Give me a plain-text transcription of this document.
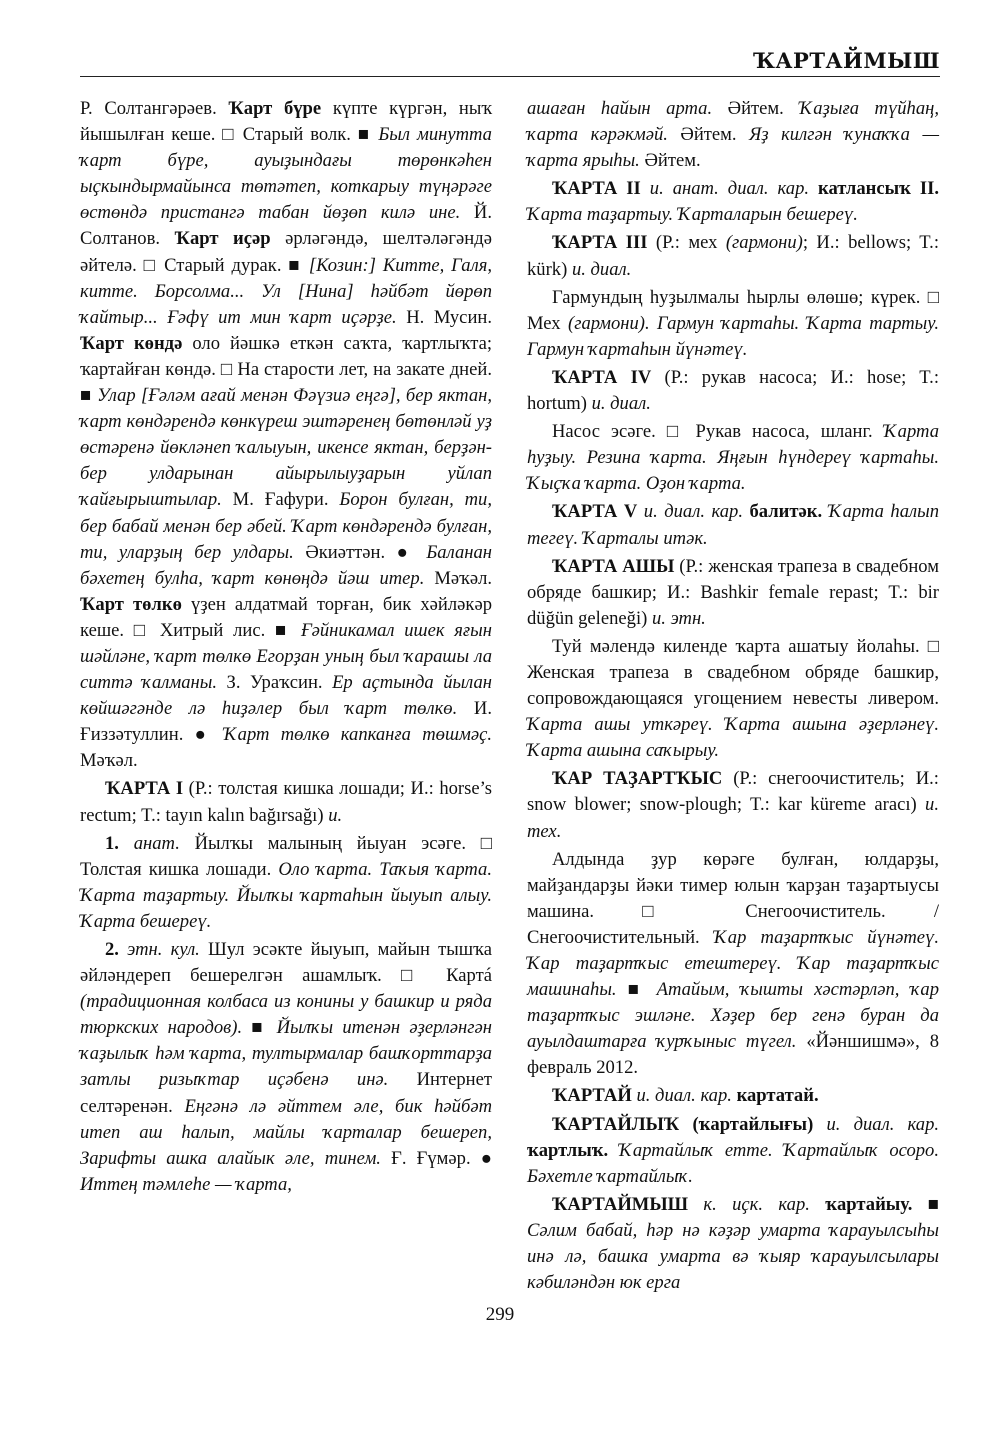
ҠАРТАЙМЫШ

Р. Солтангәрәев. Ҡарт бүре күпте күргән, ныҡ йышылған кеше. □ Старый волк. ■ Был минутта ҡарт бүре, ауыҙындағы төрөнкәһен ыҫкындырмайынса төтәтеп, коткарыу түңәрәге өстөндә пристангә табан йөҙөп килә ине. Й. Солтанов. Ҡарт иҫәр әрләгәндә, шелтәләгәндә әйтелә. □ Старый дурак. ■ [Козин:] Китте, Галя, китте. Борсолма... Ул [Нина] һәйбәт йөрөп ҡайтыр... Ғәфү ит мин ҡарт иҫәрҙе. Н. Мусин. Ҡарт көндә оло йәшкә еткән саҡта, ҡартлыҡта; ҡартайған көндә. □ На старости лет, на закате дней. ■ Улар [Ғәләм ағай менән Фәүзиә еңгә], бер яктан, ҡарт көндәрендә көнкүреш эштәренең бөтөнләй уҙ өстәренә йөкләнеп ҡалыуын, икенсе яктан, берҙән-бер улдарынан айырылыуҙарын уйлап ҡайғырыштылар. М. Ғафури. Борон булған, ти, бер бабай менән бер әбей. Ҡарт көндәрендә булған, ти, уларҙың бер улдары. Әкиәттән. ● Баланан бәхетең булһа, ҡарт көнөңдә йәш итер. Мәҡәл. Ҡарт төлкө үҙен алдатмай торған, бик хәйләкәр кеше. □ Хитрый лис. ■ Ғәйникамал ишек яғын шәйләне, ҡарт төлкө Егорҙан уның был ҡарашы ла ситтә ҡалманы. З. Ураҡсин. Ер аҫтында йылан көйшәгәнде лә һиҙәлер был ҡарт төлкө. И. Ғиззәтуллин. ● Ҡарт төлкө капканға төшмәҫ. Мәҡәл.

ҠАРТА I (Р.: толстая кишка лошади; И.: horse’s rectum; T.: tayın kalın bağırsağı) и.

1. анат. Йылҡы малының йыуан эсәге. □ Толстая кишка лошади. Оло ҡарта. Таҡыя ҡарта. Ҡарта таҙартыу. Йылҡы ҡартаһын йыуып алыу. Ҡарта бешереү.

2. этн. кул. Шул эсәкте йыуып, майын тышҡа әйләндереп бешерелгән ашамлыҡ. □ Картá (традиционная колбаса из конины у башкир и ряда тюркских народов). ■ Йылҡы итенән әҙерләнгән ҡаҙылыҡ һәм ҡарта, тултырмалар башҡорттарҙа затлы ризыҡтар иҫәбенә инә. Интернет селтәренән. Еңгәнә лә әйттем әле, бик һәйбәт итеп аш һалып, майлы ҡарталар бешереп, Зарифты ашка алайык әле, тинем. Ғ. Ғүмәр. ● Иттең тәмлеһе — ҡарта,

ашаған һайын арта. Әйтем. Ҡаҙыға түйһаң, ҡарта кәрәкмәй. Әйтем. Яҙ килгән ҡунаҡҡа — ҡарта ярыһы. Әйтем.

ҠАРТА II и. анат. диал. кар. катлансыҡ II. Ҡарта таҙартыу. Ҡарталарын бешереү.

ҠАРТА III (Р.: мех (гармони); И.: bellows; T.: kürk) и. диал.

Гармундың һуҙылмалы һырлы өлөшө; күрек. □ Мех (гармони). Гармун ҡартаһы. Ҡарта тартыу. Гармун ҡартаһын йүнәтеү.

ҠАРТА IV (Р.: рукав насоса; И.: hose; T.: hortum) и. диал.

Насос эсәге. □ Рукав насоса, шланг. Ҡарта һуҙыу. Резина ҡарта. Яңғын һүндереү ҡартаһы. Ҡыҫҡа ҡарта. Оҙон ҡарта.

ҠАРТА V и. диал. кар. балитәк. Ҡарта һалып тегеү. Ҡарталы итәк.

ҠАРТА АШЫ (Р.: женская трапеза в свадебном обряде башкир; И.: Bashkir female repast; T.: bir düğün geleneği) и. этн.

Туй мәлендә киленде ҡарта ашатыу йолаһы. □ Женская трапеза в свадебном обряде башкир, сопровождающаяся угощением невесты ливером. Ҡарта ашы уткәреү. Ҡарта ашына әҙерләнеү. Ҡарта ашына саҡырыу.

ҠАР ТАҘАРТҠЫС (Р.: снегоочиститель; И.: snow blower; snow-plough; T.: kar küreme aracı) и. тех.

Алдында ҙур көрәге булған, юлдарҙы, майҙандарҙы йәки тимер юлын ҡарҙан таҙартыусы машина. □ Снегоочиститель. / Снегоочистительный. Ҡар таҙартҡыс йүнәтеү. Ҡар таҙартҡыс етештереү. Ҡар таҙартҡыс машинаһы. ■ Атайым, ҡышты хәстәрләп, ҡар таҙартҡыс эшләне. Хәҙер бер генә буран да ауылдаштарға ҡурҡыныс түгел. «Йәншишмә», 8 февраль 2012.

ҠАРТАЙ и. диал. кар. картатай.

ҠАРТАЙЛЫҠ (ҡартайлығы) и. диал. кар. ҡартлыҡ. Ҡартайлыҡ етте. Ҡартайлыҡ осоро. Бәхетле ҡартайлыҡ.

ҠАРТАЙМЫШ к. иҫк. кар. ҡартайыу. ■ Сәлим бабай, һәр нә кәҙәр умарта ҡарауылсыһы инә лә, башка умарта вә ҡыяр ҡарауылсылары кәбиләндән юк ерга

299
